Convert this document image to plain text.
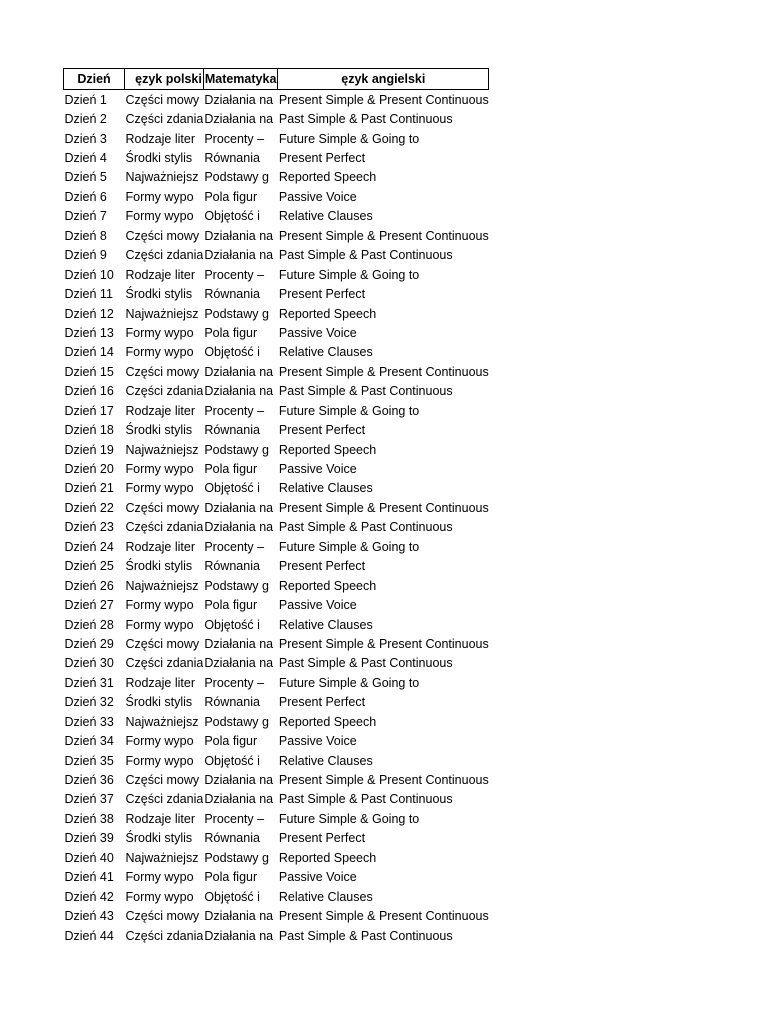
Dzień	ęzyk polski	Matematyka	ęzyk angielski
Dzień 1	Części mowy	Działania na	Present Simple & Present Continuous
Dzień 2	Części zdania	Działania na	Past Simple & Past Continuous
Dzień 3	Rodzaje liter	Procenty –	Future Simple & Going to
Dzień 4	Środki stylis	Równania	Present Perfect
Dzień 5	Najważniejsz	Podstawy g	Reported Speech
Dzień 6	Formy wypo	Pola figur	Passive Voice
Dzień 7	Formy wypo	Objętość i	Relative Clauses
Dzień 8	Części mowy	Działania na	Present Simple & Present Continuous
Dzień 9	Części zdania	Działania na	Past Simple & Past Continuous
Dzień 10	Rodzaje liter	Procenty –	Future Simple & Going to
Dzień 11	Środki stylis	Równania	Present Perfect
Dzień 12	Najważniejsz	Podstawy g	Reported Speech
Dzień 13	Formy wypo	Pola figur	Passive Voice
Dzień 14	Formy wypo	Objętość i	Relative Clauses
Dzień 15	Części mowy	Działania na	Present Simple & Present Continuous
Dzień 16	Części zdania	Działania na	Past Simple & Past Continuous
Dzień 17	Rodzaje liter	Procenty –	Future Simple & Going to
Dzień 18	Środki stylis	Równania	Present Perfect
Dzień 19	Najważniejsz	Podstawy g	Reported Speech
Dzień 20	Formy wypo	Pola figur	Passive Voice
Dzień 21	Formy wypo	Objętość i	Relative Clauses
Dzień 22	Części mowy	Działania na	Present Simple & Present Continuous
Dzień 23	Części zdania	Działania na	Past Simple & Past Continuous
Dzień 24	Rodzaje liter	Procenty –	Future Simple & Going to
Dzień 25	Środki stylis	Równania	Present Perfect
Dzień 26	Najważniejsz	Podstawy g	Reported Speech
Dzień 27	Formy wypo	Pola figur	Passive Voice
Dzień 28	Formy wypo	Objętość i	Relative Clauses
Dzień 29	Części mowy	Działania na	Present Simple & Present Continuous
Dzień 30	Części zdania	Działania na	Past Simple & Past Continuous
Dzień 31	Rodzaje liter	Procenty –	Future Simple & Going to
Dzień 32	Środki stylis	Równania	Present Perfect
Dzień 33	Najważniejsz	Podstawy g	Reported Speech
Dzień 34	Formy wypo	Pola figur	Passive Voice
Dzień 35	Formy wypo	Objętość i	Relative Clauses
Dzień 36	Części mowy	Działania na	Present Simple & Present Continuous
Dzień 37	Części zdania	Działania na	Past Simple & Past Continuous
Dzień 38	Rodzaje liter	Procenty –	Future Simple & Going to
Dzień 39	Środki stylis	Równania	Present Perfect
Dzień 40	Najważniejsz	Podstawy g	Reported Speech
Dzień 41	Formy wypo	Pola figur	Passive Voice
Dzień 42	Formy wypo	Objętość i	Relative Clauses
Dzień 43	Części mowy	Działania na	Present Simple & Present Continuous
Dzień 44	Części zdania	Działania na	Past Simple & Past Continuous
